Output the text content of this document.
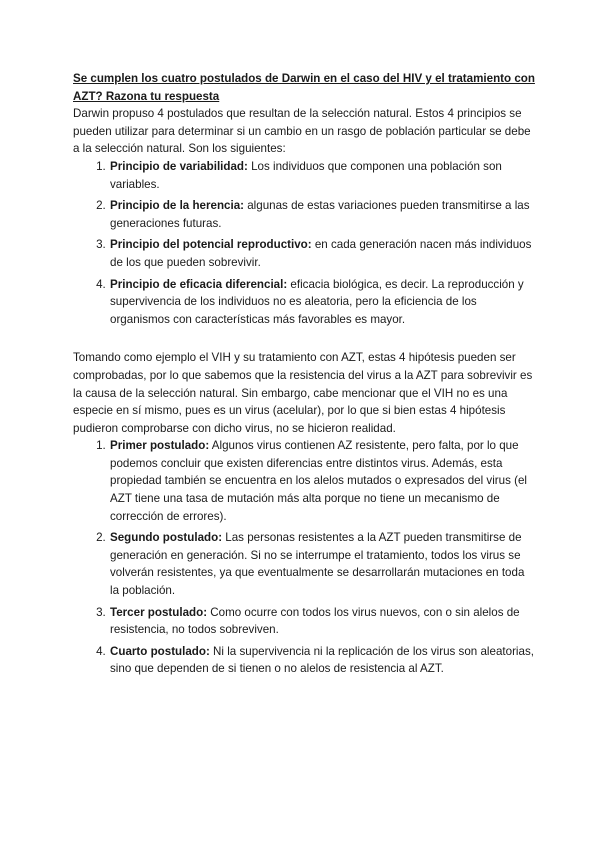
Se cumplen los cuatro postulados de Darwin en el caso del HIV y el tratamiento con AZT? Razona tu respuesta

Darwin propuso 4 postulados que resultan de la selección natural. Estos 4 principios se pueden utilizar para determinar si un cambio en un rasgo de población particular se debe a la selección natural. Son los siguientes:

1. Principio de variabilidad: Los individuos que componen una población son variables.
2. Principio de la herencia: algunas de estas variaciones pueden transmitirse a las generaciones futuras.
3. Principio del potencial reproductivo: en cada generación nacen más individuos de los que pueden sobrevivir.
4. Principio de eficacia diferencial: eficacia biológica, es decir. La reproducción y supervivencia de los individuos no es aleatoria, pero la eficiencia de los organismos con características más favorables es mayor.

Tomando como ejemplo el VIH y su tratamiento con AZT, estas 4 hipótesis pueden ser comprobadas, por lo que sabemos que la resistencia del virus a la AZT para sobrevivir es la causa de la selección natural. Sin embargo, cabe mencionar que el VIH no es una especie en sí mismo, pues es un virus (acelular), por lo que si bien estas 4 hipótesis pudieron comprobarse con dicho virus, no se hicieron realidad.

1. Primer postulado: Algunos virus contienen AZ resistente, pero falta, por lo que podemos concluir que existen diferencias entre distintos virus. Además, esta propiedad también se encuentra en los alelos mutados o expresados del virus (el AZT tiene una tasa de mutación más alta porque no tiene un mecanismo de corrección de errores).
2. Segundo postulado: Las personas resistentes a la AZT pueden transmitirse de generación en generación. Si no se interrumpe el tratamiento, todos los virus se volverán resistentes, ya que eventualmente se desarrollarán mutaciones en toda la población.
3. Tercer postulado: Como ocurre con todos los virus nuevos, con o sin alelos de resistencia, no todos sobreviven.
4. Cuarto postulado: Ni la supervivencia ni la replicación de los virus son aleatorias, sino que dependen de si tienen o no alelos de resistencia al AZT.
